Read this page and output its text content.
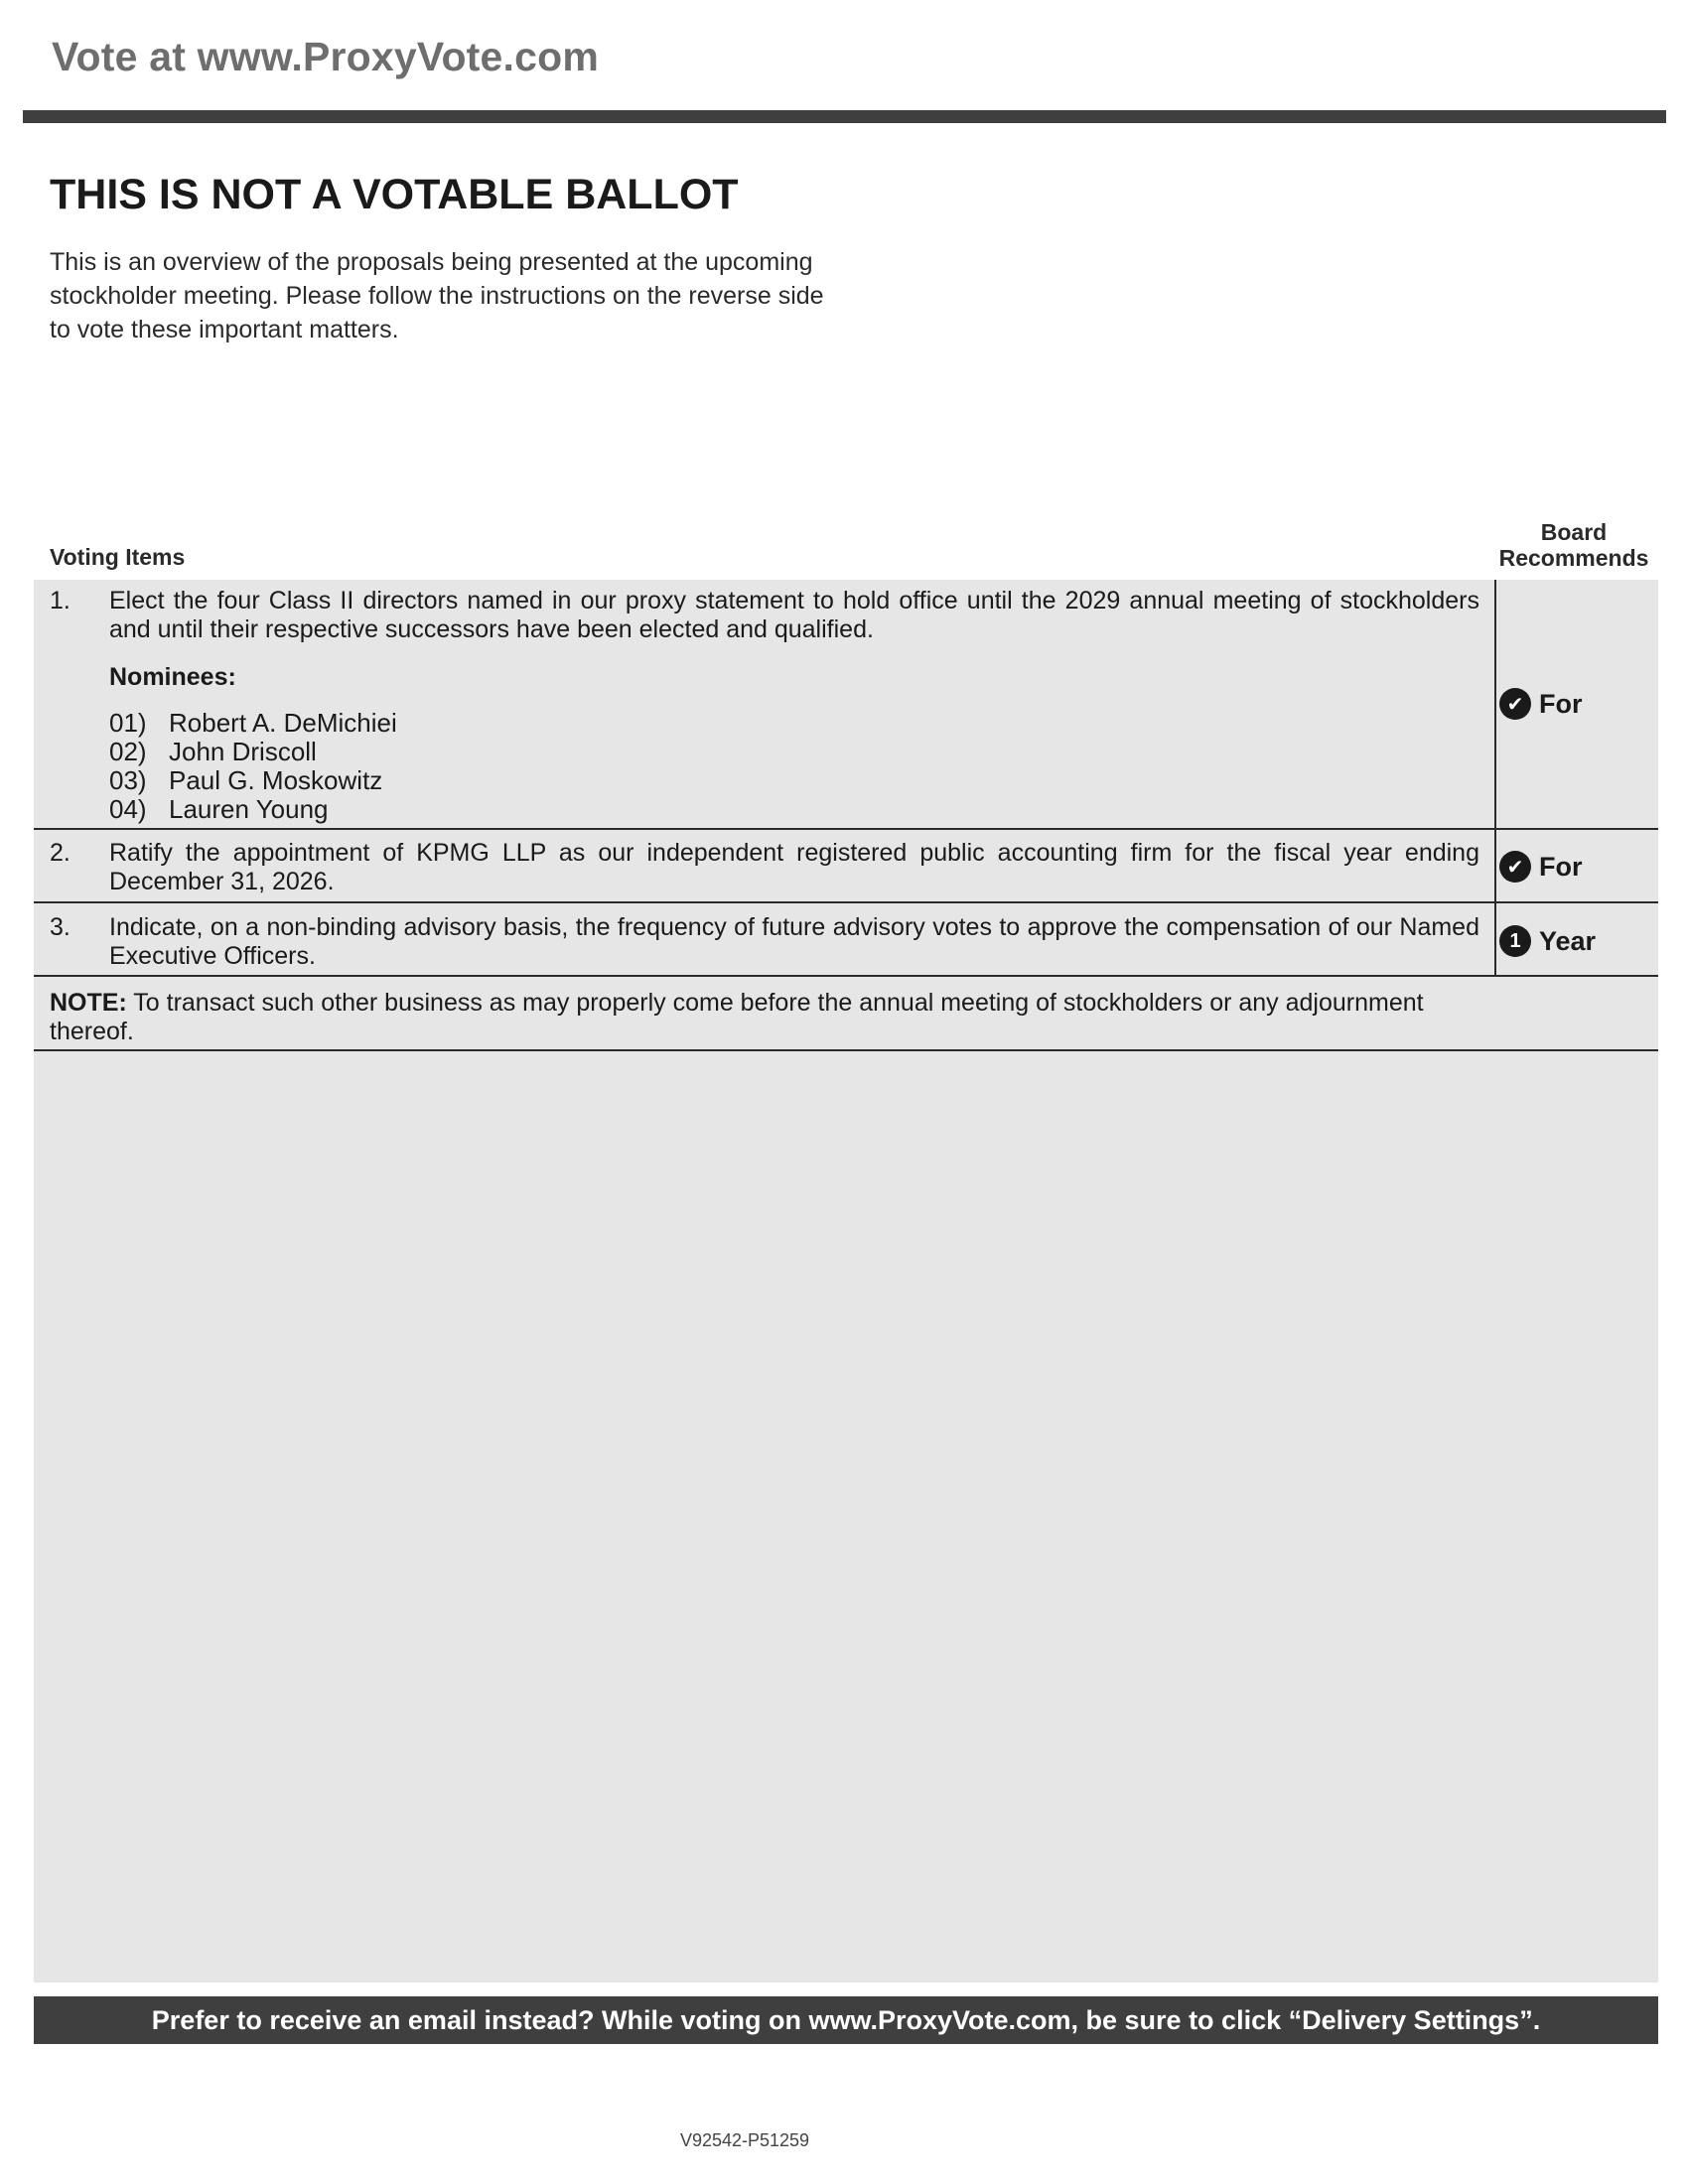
Vote at www.ProxyVote.com
THIS IS NOT A VOTABLE BALLOT
This is an overview of the proposals being presented at the upcoming stockholder meeting. Please follow the instructions on the reverse side to vote these important matters.
Voting Items
Board Recommends
1. Elect the four Class II directors named in our proxy statement to hold office until the 2029 annual meeting of stockholders and until their respective successors have been elected and qualified.
Nominees:
01) Robert A. DeMichiei
02) John Driscoll
03) Paul G. Moskowitz
04) Lauren Young
✔ For
2. Ratify the appointment of KPMG LLP as our independent registered public accounting firm for the fiscal year ending December 31, 2026.
✔ For
3. Indicate, on a non-binding advisory basis, the frequency of future advisory votes to approve the compensation of our Named Executive Officers.
1 Year
NOTE: To transact such other business as may properly come before the annual meeting of stockholders or any adjournment thereof.
Prefer to receive an email instead? While voting on www.ProxyVote.com, be sure to click “Delivery Settings”.
V92542-P51259
